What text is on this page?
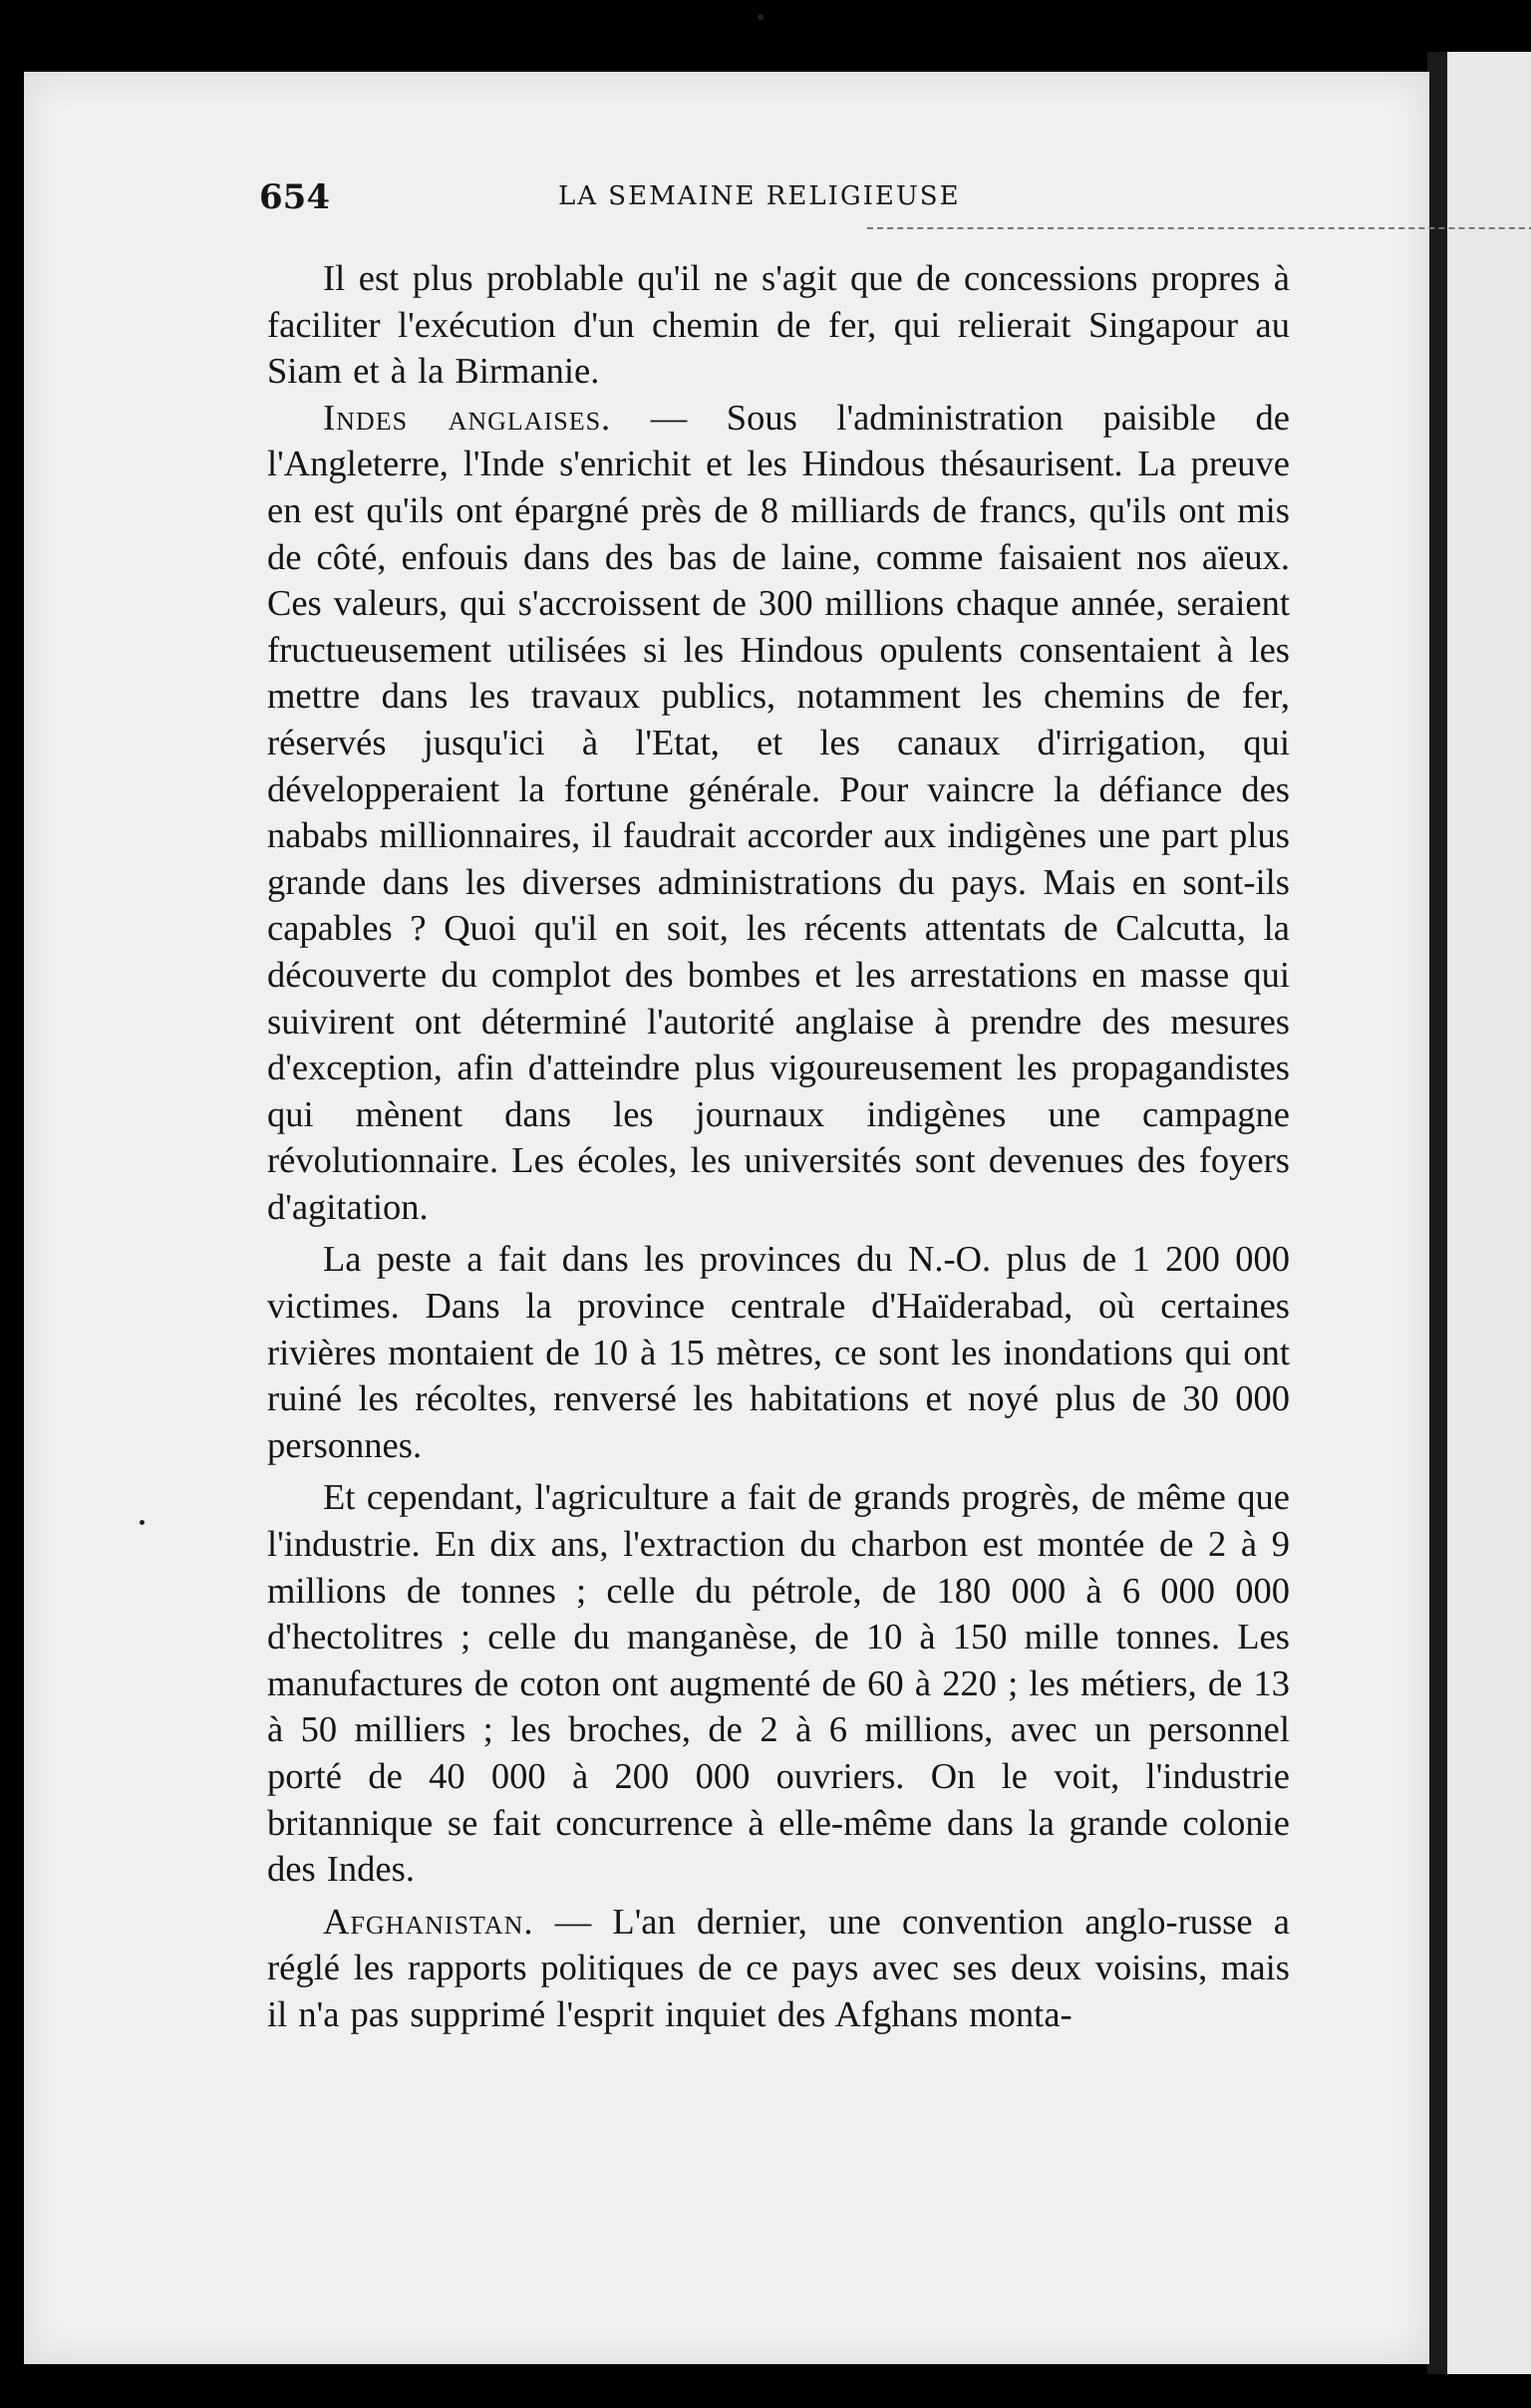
654	LA SEMAINE RELIGIEUSE

Il est plus problable qu'il ne s'agit que de concessions propres à faciliter l'exécution d'un chemin de fer, qui relierait Singapour au Siam et à la Birmanie.

Indes anglaises. — Sous l'administration paisible de l'Angleterre, l'Inde s'enrichit et les Hindous thésaurisent. La preuve en est qu'ils ont épargné près de 8 milliards de francs, qu'ils ont mis de côté, enfouis dans des bas de laine, comme faisaient nos aïeux. Ces valeurs, qui s'accroissent de 300 millions chaque année, seraient fructueusement utilisées si les Hindous opulents consentaient à les mettre dans les travaux publics, notamment les chemins de fer, réservés jusqu'ici à l'Etat, et les canaux d'irrigation, qui développeraient la fortune générale. Pour vaincre la défiance des nababs millionnaires, il faudrait accorder aux indigènes une part plus grande dans les diverses administrations du pays. Mais en sont-ils capables ? Quoi qu'il en soit, les récents attentats de Calcutta, la découverte du complot des bombes et les arrestations en masse qui suivirent ont déterminé l'autorité anglaise à prendre des mesures d'exception, afin d'atteindre plus vigoureusement les propagandistes qui mènent dans les journaux indigènes une campagne révolutionnaire. Les écoles, les universités sont devenues des foyers d'agitation.

La peste a fait dans les provinces du N.-O. plus de 1 200 000 victimes. Dans la province centrale d'Haïderabad, où certaines rivières montaient de 10 à 15 mètres, ce sont les inondations qui ont ruiné les récoltes, renversé les habitations et noyé plus de 30 000 personnes.

Et cependant, l'agriculture a fait de grands progrès, de même que l'industrie. En dix ans, l'extraction du charbon est montée de 2 à 9 millions de tonnes ; celle du pétrole, de 180 000 à 6 000 000 d'hectolitres ; celle du manganèse, de 10 à 150 mille tonnes. Les manufactures de coton ont augmenté de 60 à 220 ; les métiers, de 13 à 50 milliers ; les broches, de 2 à 6 millions, avec un personnel porté de 40 000 à 200 000 ouvriers. On le voit, l'industrie britannique se fait concurrence à elle-même dans la grande colonie des Indes.

Afghanistan. — L'an dernier, une convention anglo-russe a réglé les rapports politiques de ce pays avec ses deux voisins, mais il n'a pas supprimé l'esprit inquiet des Afghans monta-
